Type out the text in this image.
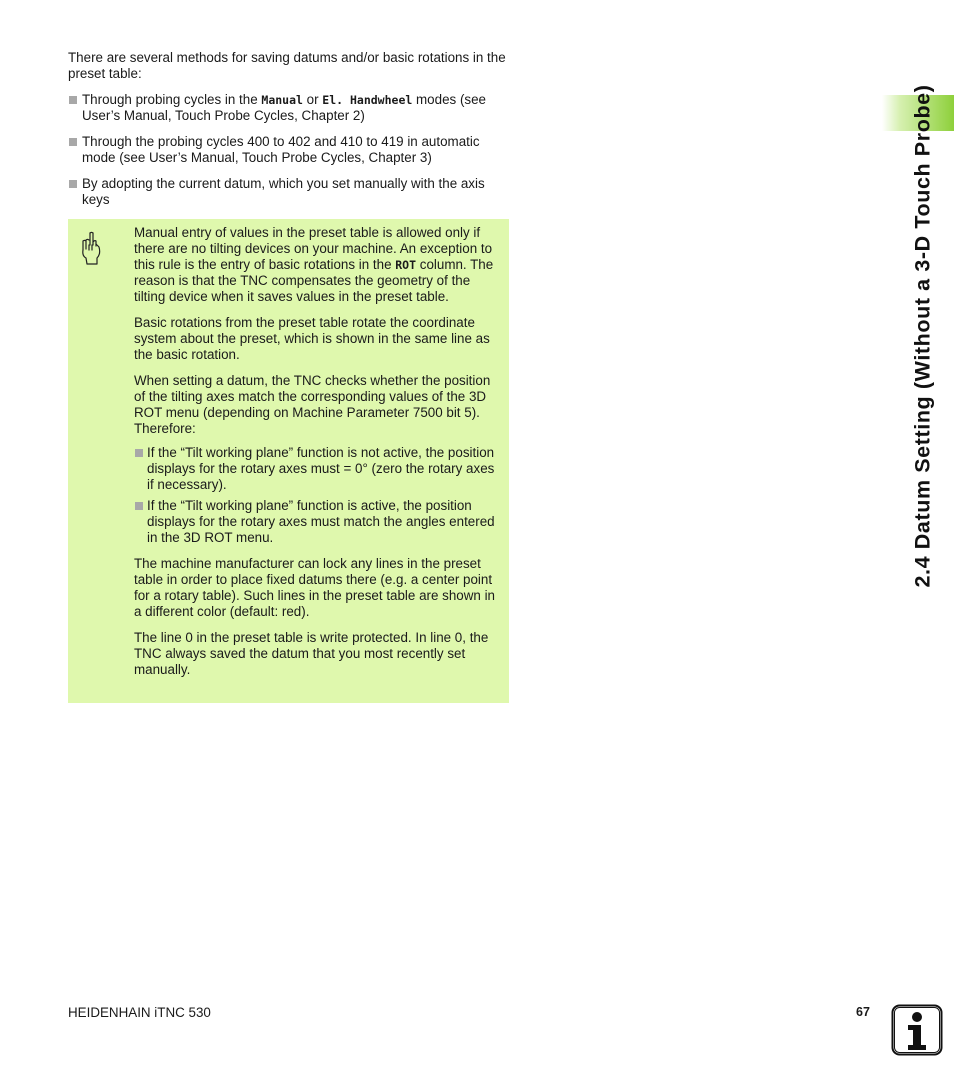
There are several methods for saving datums and/or basic rotations in the preset table:

Through probing cycles in the Manual or El. Handwheel modes (see User’s Manual, Touch Probe Cycles, Chapter 2)
Through the probing cycles 400 to 402 and 410 to 419 in automatic mode (see User’s Manual, Touch Probe Cycles, Chapter 3)
By adopting the current datum, which you set manually with the axis keys

Manual entry of values in the preset table is allowed only if there are no tilting devices on your machine. An exception to this rule is the entry of basic rotations in the ROT column. The reason is that the TNC compensates the geometry of the tilting device when it saves values in the preset table.

Basic rotations from the preset table rotate the coordinate system about the preset, which is shown in the same line as the basic rotation.

When setting a datum, the TNC checks whether the position of the tilting axes match the corresponding values of the 3D ROT menu (depending on Machine Parameter 7500 bit 5). Therefore:

If the “Tilt working plane” function is not active, the position displays for the rotary axes must = 0° (zero the rotary axes if necessary).
If the “Tilt working plane” function is active, the position displays for the rotary axes must match the angles entered in the 3D ROT menu.

The machine manufacturer can lock any lines in the preset table in order to place fixed datums there (e.g. a center point for a rotary table). Such lines in the preset table are shown in a different color (default: red).

The line 0 in the preset table is write protected. In line 0, the TNC always saved the datum that you most recently set manually.

2.4 Datum Setting (Without a 3-D Touch Probe)
HEIDENHAIN iTNC 530	67
